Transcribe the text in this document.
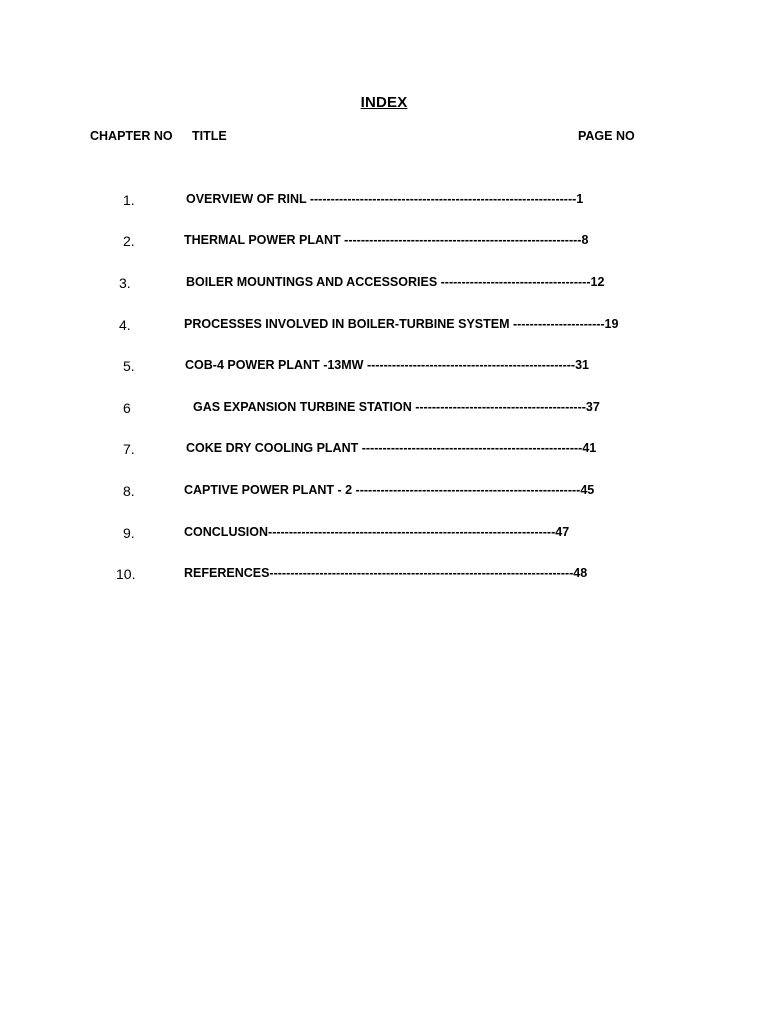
INDEX
CHAPTER NO TITLE	PAGE NO
1.	OVERVIEW OF RINL ----------------------------------------------------------------1
2.	THERMAL POWER PLANT ---------------------------------------------------------8
3.	BOILER MOUNTINGS AND ACCESSORIES ------------------------------------12
4.	PROCESSES INVOLVED IN BOILER-TURBINE SYSTEM ----------------------19
5.	COB-4 POWER PLANT -13MW --------------------------------------------------31
6	GAS EXPANSION TURBINE STATION -----------------------------------------37
7.	COKE DRY COOLING PLANT -----------------------------------------------------41
8.	CAPTIVE POWER PLANT - 2 ------------------------------------------------------45
9.	CONCLUSION---------------------------------------------------------------------47
10.	REFERENCES-------------------------------------------------------------------------48
